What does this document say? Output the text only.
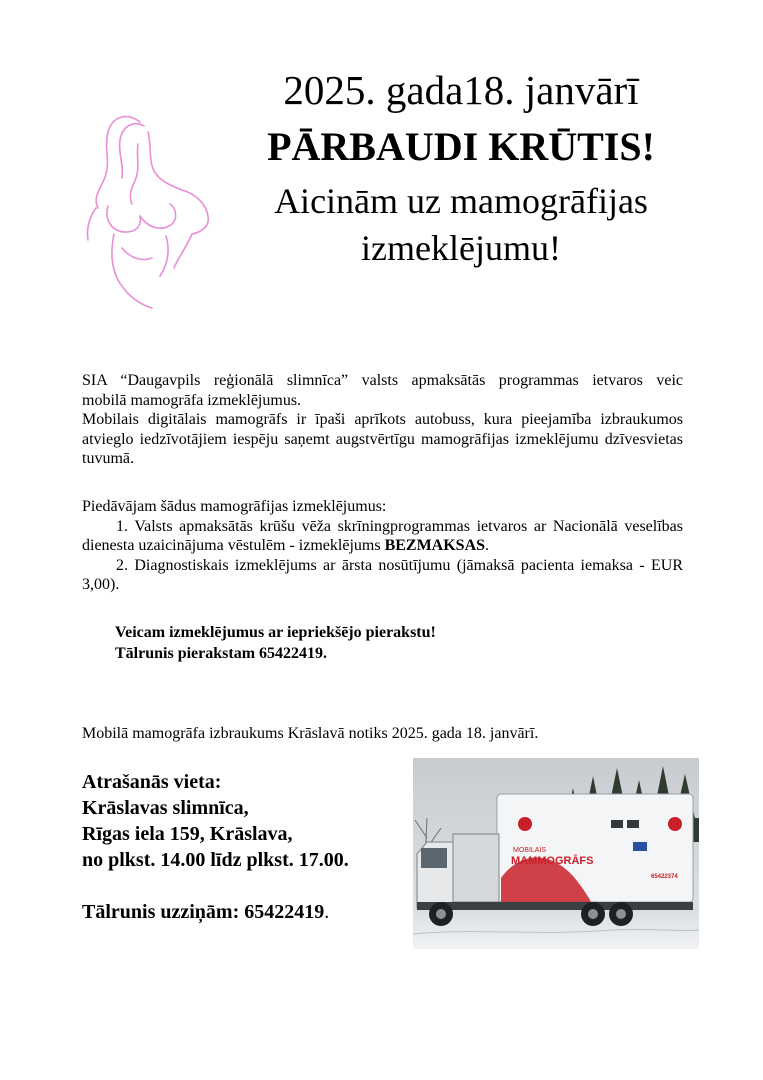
2025. gada18. janvārī
PĀRBAUDI KRŪTIS!
Aicinām uz mamogrāfijas
izmeklējumu!
SIA “Daugavpils reģionālā slimnīca” valsts apmaksātās programmas ietvaros veic
mobilā mamogrāfa izmeklējumus.
Mobilais digitālais mamogrāfs ir īpaši aprīkots autobuss, kura pieejamība izbraukumos atvieglo iedzīvotājiem iespēju saņemt augstvērtīgu mamogrāfijas izmeklējumu dzīvesvietas tuvumā.
Piedāvājam šādus mamogrāfijas izmeklējumus:
1. Valsts apmaksātās krūšu vēža skrīningprogrammas ietvaros ar Nacionālā veselības dienesta uzaicinājuma vēstulēm - izmeklējums BEZMAKSAS.
2. Diagnostiskais izmeklējums ar ārsta nosūtījumu (jāmaksā pacienta iemaksa - EUR 3,00).
Veicam izmeklējumus ar iepriekšējo pierakstu!
Tālrunis pierakstam 65422419.
Mobilā mamogrāfa izbraukums Krāslavā notiks 2025. gada 18. janvārī.
Atrašanās vieta:
Krāslavas slimnīca,
Rīgas iela 159, Krāslava,
no plkst. 14.00 līdz plkst. 17.00.
Tālrunis uzziņām: 65422419.
MOBILAIS
MAMMOGRĀFS
65422374
